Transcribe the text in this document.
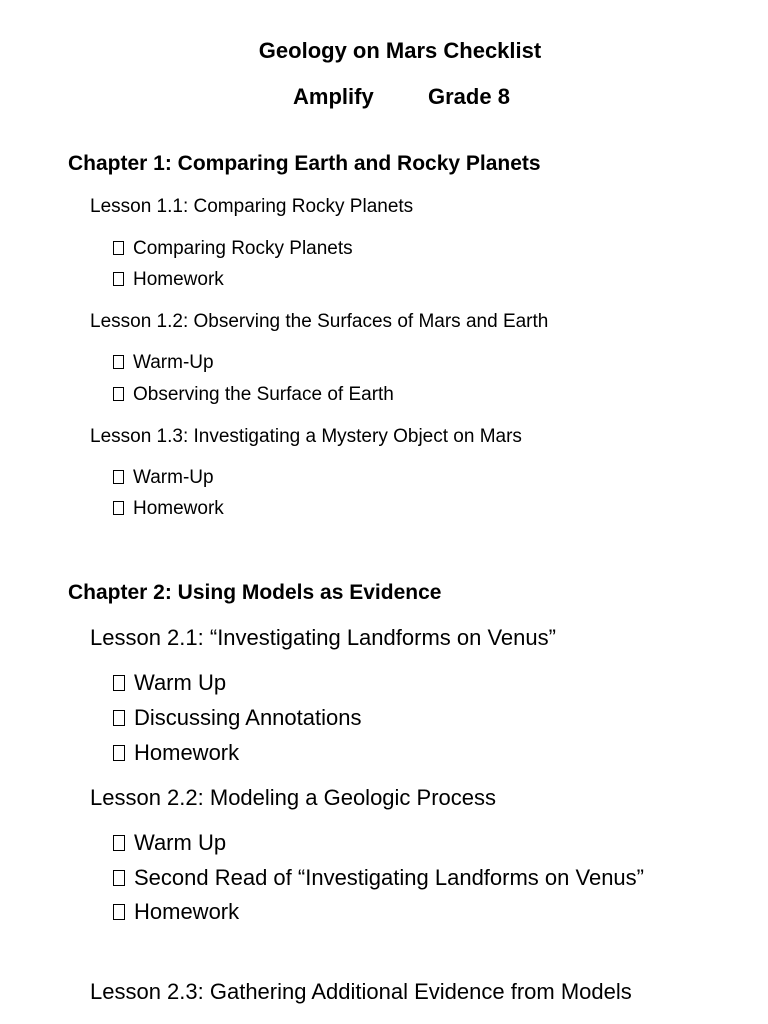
Geology on Mars Checklist
Amplify Grade 8
Chapter 1: Comparing Earth and Rocky Planets
Lesson 1.1: Comparing Rocky Planets
Comparing Rocky Planets
Homework
Lesson 1.2: Observing the Surfaces of Mars and Earth
Warm-Up
Observing the Surface of Earth
Lesson 1.3: Investigating a Mystery Object on Mars
Warm-Up
Homework
Chapter 2: Using Models as Evidence
Lesson 2.1: “Investigating Landforms on Venus”
Warm Up
Discussing Annotations
Homework
Lesson 2.2: Modeling a Geologic Process
Warm Up
Second Read of “Investigating Landforms on Venus”
Homework
Lesson 2.3: Gathering Additional Evidence from Models
